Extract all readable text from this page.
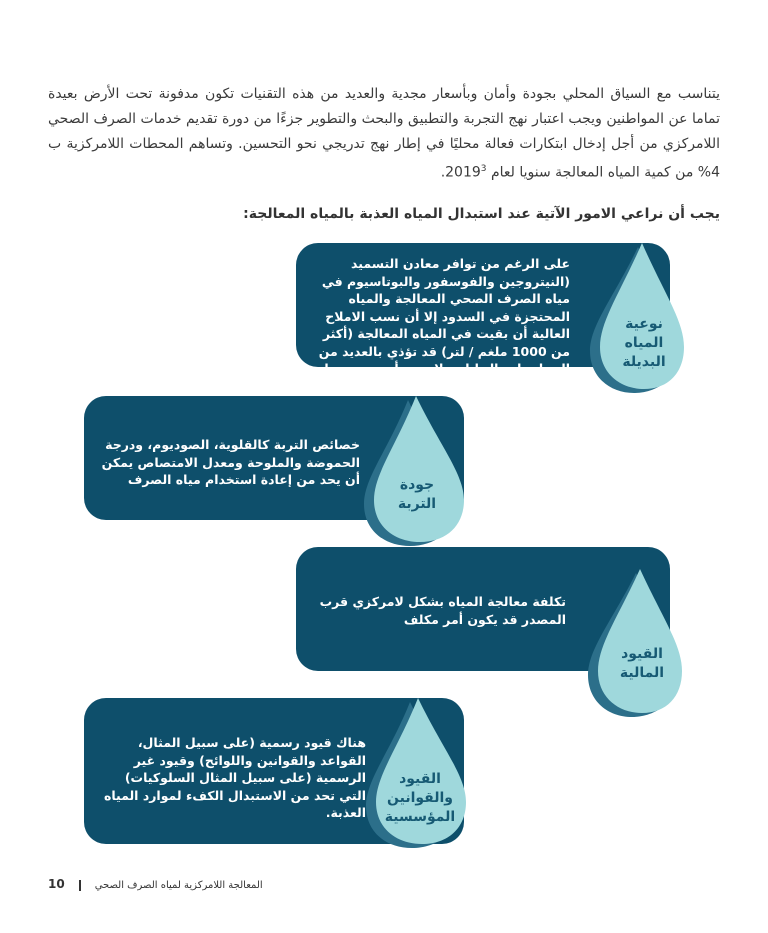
يتناسب مع السياق المحلي بجودة وأمان وبأسعار مجدية والعديد من هذه التقنيات تكون مدفونة تحت الأرض بعيدة تماما عن المواطنين ويجب اعتبار نهج التجربة والتطبيق والبحث والتطوير جزءًا من دورة تقديم خدمات الصرف الصحي اللامركزي من أجل إدخال ابتكارات فعالة محليًا في إطار نهج تدريجي نحو التحسين. وتساهم المحطات اللامركزية ب 4% من كمية المياه المعالجة سنويا لعام 2019$^3$.

يجب أن نراعي الامور الآتية عند استبدال المياه العذبة بالمياه المعالجة:

على الرغم من توافر معادن التسميد (النيتروجين والفوسفور والبوتاسيوم في مياه الصرف الصحي المعالجة والمياه المحتجزة في السدود إلا أن نسب الاملاح العالية أن بقيت في المياه المعالجة (أكثر من 1000 ملغم / لتر) قد تؤذي بالعديد من المحاصيل والنباتات. لا يجب أن تحوي مياه الري على أكثر من 1000 ملغم / لتر.
نوعية المياه البديلة
خصائص التربة كالقلوية، الصوديوم، ودرجة الحموضة والملوحة ومعدل الامتصاص يمكن أن يحد من إعادة استخدام مياه الصرف	جودة التربة
تكلفة معالجة المياه بشكل لامركزي قرب المصدر قد يكون أمر مكلف
القيود المالية
هناك قيود رسمية (على سبيل المثال، القواعد والقوانين واللوائح) وقيود غير الرسمية (على سبيل المثال السلوكيات) التي تحد من الاستبدال الكفء لموارد المياه العذبة.
القيود والقوانين المؤسسية
10	المعالجة اللامركزية لمياه الصرف الصحي
